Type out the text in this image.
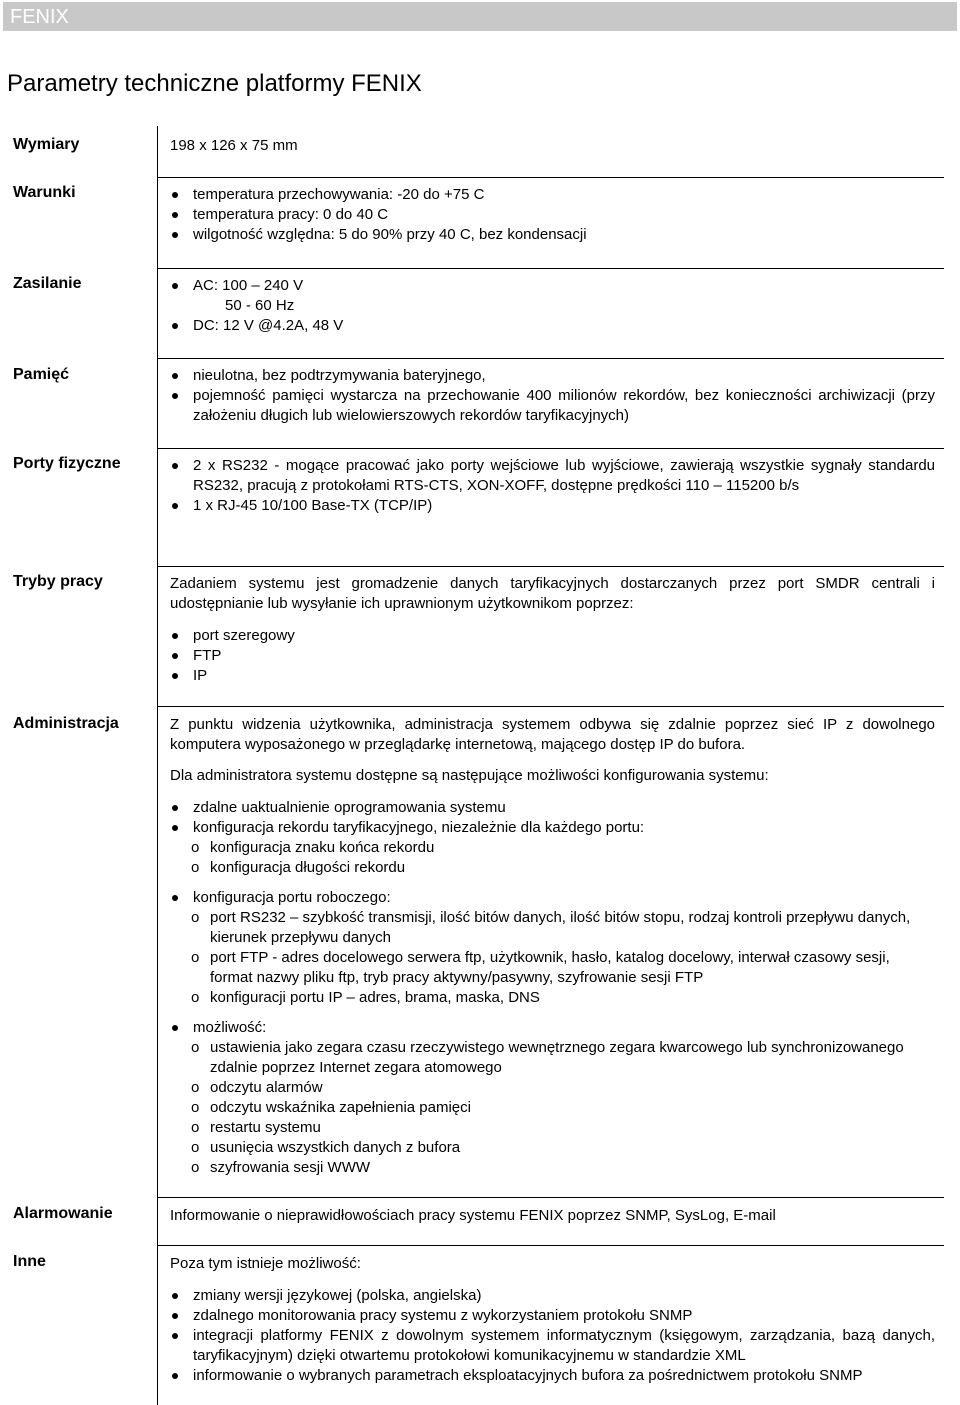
FENIX
Parametry techniczne platformy FENIX
Wymiary	198 x 126 x 75 mm

Warunki	temperatura przechowywania: -20 do +75 C
temperatura pracy: 0 do 40 C
wilgotność względna: 5 do 90% przy 40 C, bez kondensacji
Zasilanie	AC: 100 – 240 V
50 - 60 Hz
DC: 12 V @4.2A, 48 V
Pamięć	nieulotna, bez podtrzymywania bateryjnego,
pojemność pamięci wystarcza na przechowanie 400 milionów rekordów, bez konieczności archiwizacji (przy założeniu długich lub wielowierszowych rekordów taryfikacyjnych)
Porty fizyczne	2 x RS232 - mogące pracować jako porty wejściowe lub wyjściowe, zawierają wszystkie sygnały standardu RS232, pracują z protokołami RTS-CTS, XON-XOFF, dostępne prędkości 110 – 115200 b/s
1 x RJ-45 10/100 Base-TX (TCP/IP)
Tryby pracy	Zadaniem systemu jest gromadzenie danych taryfikacyjnych dostarczanych przez port SMDR centrali i udostępnianie lub wysyłanie ich uprawnionym użytkownikom poprzez:

port szeregowy
FTP
IP
Administracja	Z punktu widzenia użytkownika, administracja systemem odbywa się zdalnie poprzez sieć IP z dowolnego komputera wyposażonego w przeglądarkę internetową, mającego dostęp IP do bufora.

Dla administratora systemu dostępne są następujące możliwości konfigurowania systemu:

zdalne uaktualnienie oprogramowania systemu
konfiguracja rekordu taryfikacyjnego, niezależnie dla każdego portu:
o konfiguracja znaku końca rekordu
o konfiguracja długości rekordu
konfiguracja portu roboczego:
o port RS232 – szybkość transmisji, ilość bitów danych, ilość bitów stopu, rodzaj kontroli przepływu danych, kierunek przepływu danych
o port FTP - adres docelowego serwera ftp, użytkownik, hasło, katalog docelowy, interwał czasowy sesji, format nazwy pliku ftp, tryb pracy aktywny/pasywny, szyfrowanie sesji FTP
o konfiguracji portu IP – adres, brama, maska, DNS
możliwość:
o ustawienia jako zegara czasu rzeczywistego wewnętrznego zegara kwarcowego lub synchronizowanego zdalnie poprzez Internet zegara atomowego
o odczytu alarmów
o odczytu wskaźnika zapełnienia pamięci
o restartu systemu
o usunięcia wszystkich danych z bufora
o szyfrowania sesji WWW
Alarmowanie	Informowanie o nieprawidłowościach pracy systemu FENIX poprzez SNMP, SysLog, E-mail

Inne	Poza tym istnieje możliwość:

zmiany wersji językowej (polska, angielska)
zdalnego monitorowania pracy systemu z wykorzystaniem protokołu SNMP
integracji platformy FENIX z dowolnym systemem informatycznym (księgowym, zarządzania, bazą danych, taryfikacyjnym) dzięki otwartemu protokołowi komunikacyjnemu w standardzie XML
informowanie o wybranych parametrach eksploatacyjnych bufora za pośrednictwem protokołu SNMP
